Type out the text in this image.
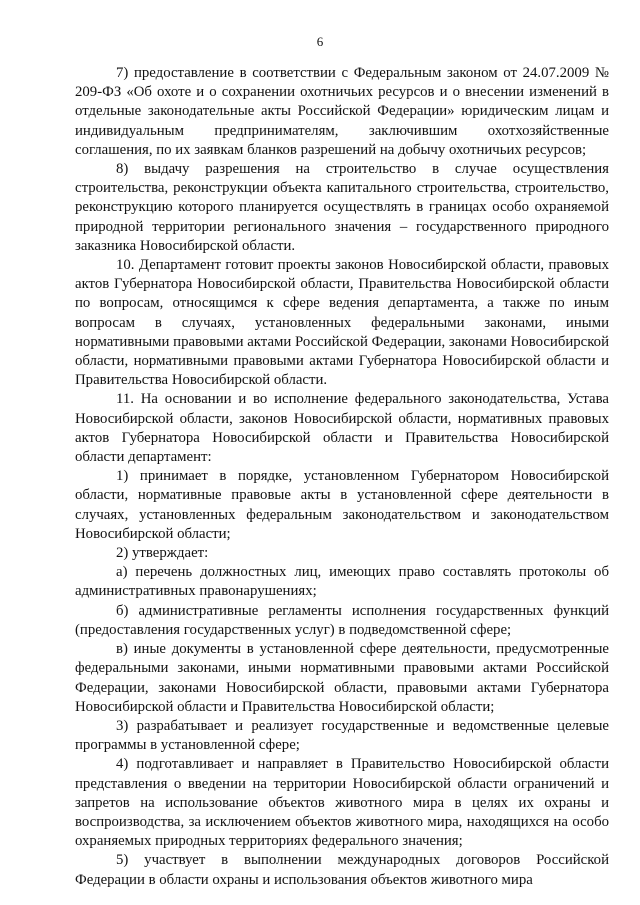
6

7) предоставление в соответствии с Федеральным законом от 24.07.2009 № 209-ФЗ «Об охоте и о сохранении охотничьих ресурсов и о внесении изменений в отдельные законодательные акты Российской Федерации» юридическим лицам и индивидуальным предпринимателям, заключившим охотхозяйственные соглашения, по их заявкам бланков разрешений на добычу охотничьих ресурсов;

8) выдачу разрешения на строительство в случае осуществления строительства, реконструкции объекта капитального строительства, строительство, реконструкцию которого планируется осуществлять в границах особо охраняемой природной территории регионального значения – государственного природного заказника Новосибирской области.

10. Департамент готовит проекты законов Новосибирской области, правовых актов Губернатора Новосибирской области, Правительства Новосибирской области по вопросам, относящимся к сфере ведения департамента, а также по иным вопросам в случаях, установленных федеральными законами, иными нормативными правовыми актами Российской Федерации, законами Новосибирской области, нормативными правовыми актами Губернатора Новосибирской области и Правительства Новосибирской области.

11. На основании и во исполнение федерального законодательства, Устава Новосибирской области, законов Новосибирской области, нормативных правовых актов Губернатора Новосибирской области и Правительства Новосибирской области департамент:

1) принимает в порядке, установленном Губернатором Новосибирской области, нормативные правовые акты в установленной сфере деятельности в случаях, установленных федеральным законодательством и законодательством Новосибирской области;

2) утверждает:

а) перечень должностных лиц, имеющих право составлять протоколы об административных правонарушениях;

б) административные регламенты исполнения государственных функций (предоставления государственных услуг) в подведомственной сфере;

в) иные документы в установленной сфере деятельности, предусмотренные федеральными законами, иными нормативными правовыми актами Российской Федерации, законами Новосибирской области, правовыми актами Губернатора Новосибирской области и Правительства Новосибирской области;

3) разрабатывает и реализует государственные и ведомственные целевые программы в установленной сфере;

4) подготавливает и направляет в Правительство Новосибирской области представления о введении на территории Новосибирской области ограничений и запретов на использование объектов животного мира в целях их охраны и воспроизводства, за исключением объектов животного мира, находящихся на особо охраняемых природных территориях федерального значения;

5) участвует в выполнении международных договоров Российской Федерации в области охраны и использования объектов животного мира
